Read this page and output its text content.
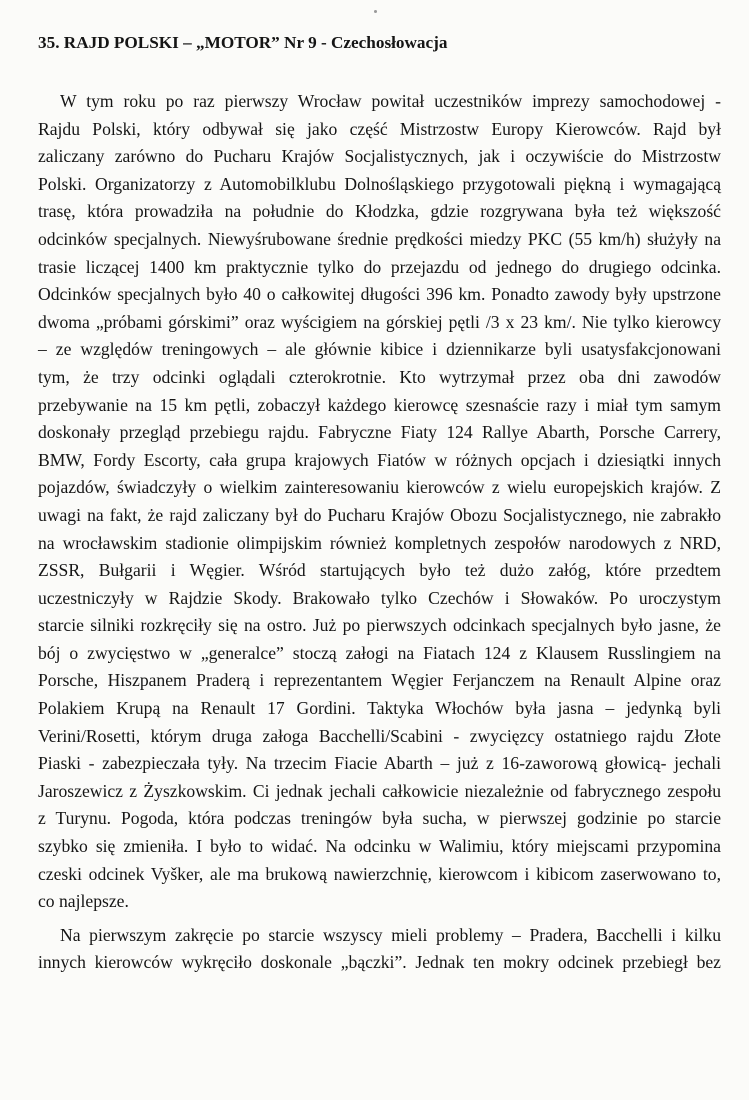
35. RAJD POLSKI – „MOTOR” Nr 9 - Czechosłowacja
W tym roku po raz pierwszy Wrocław powitał uczestników imprezy samochodowej -
Rajdu Polski, który odbywał się jako część Mistrzostw Europy Kierowców. Rajd był
zaliczany zarówno do Pucharu Krajów Socjalistycznych, jak i oczywiście do Mistrzostw
Polski. Organizatorzy z Automobilklubu Dolnośląskiego przygotowali piękną i wymagającą
trasę, która prowadziła na południe do Kłodzka, gdzie rozgrywana była też większość
odcinków specjalnych. Niewyśrubowane średnie prędkości miedzy PKC (55 km/h) służyły na
trasie liczącej 1400 km praktycznie tylko do przejazdu od jednego do drugiego odcinka.
Odcinków specjalnych było 40 o całkowitej długości 396 km. Ponadto zawody były upstrzone
dwoma „próbami górskimi” oraz wyścigiem na górskiej pętli /3 x 23 km/. Nie tylko kierowcy
– ze względów treningowych – ale głównie kibice i dziennikarze byli usatysfakcjonowani
tym, że trzy odcinki oglądali czterokrotnie. Kto wytrzymał przez oba dni zawodów
przebywanie na 15 km pętli, zobaczył każdego kierowcę szesnaście razy i miał tym samym
doskonały przegląd przebiegu rajdu. Fabryczne Fiaty 124 Rallye Abarth, Porsche Carrery,
BMW, Fordy Escorty, cała grupa krajowych Fiatów w różnych opcjach i dziesiątki innych
pojazdów, świadczyły o wielkim zainteresowaniu kierowców z wielu europejskich krajów. Z
uwagi na fakt, że rajd zaliczany był do Pucharu Krajów Obozu Socjalistycznego, nie zabrakło
na wrocławskim stadionie olimpijskim również kompletnych zespołów narodowych z NRD,
ZSSR, Bułgarii i Węgier. Wśród startujących było też dużo załóg, które przedtem
uczestniczyły w Rajdzie Skody. Brakowało tylko Czechów i Słowaków. Po uroczystym
starcie silniki rozkręciły się na ostro. Już po pierwszych odcinkach specjalnych było jasne, że
bój o zwycięstwo w „generalce” stoczą załogi na Fiatach 124 z Klausem Russlingiem na
Porsche, Hiszpanem Praderą i reprezentantem Węgier Ferjanczem na Renault Alpine oraz
Polakiem Krupą na Renault 17 Gordini. Taktyka Włochów była jasna – jedynką byli
Verini/Rosetti, którym druga załoga Bacchelli/Scabini - zwycięzcy ostatniego rajdu Złote
Piaski - zabezpieczała tyły. Na trzecim Fiacie Abarth – już z 16-zaworową głowicą- jechali
Jaroszewicz z Żyszkowskim. Ci jednak jechali całkowicie niezależnie od fabrycznego zespołu
z Turynu. Pogoda, która podczas treningów była sucha, w pierwszej godzinie po starcie
szybko się zmieniła. I było to widać. Na odcinku w Walimiu, który miejscami przypomina
czeski odcinek Vyšker, ale ma brukową nawierzchnię, kierowcom i kibicom zaserwowano to,
co najlepsze.
Na pierwszym zakręcie po starcie wszyscy mieli problemy – Pradera, Bacchelli i kilku
innych kierowców wykręciło doskonale „bączki”. Jednak ten mokry odcinek przebiegł bez
